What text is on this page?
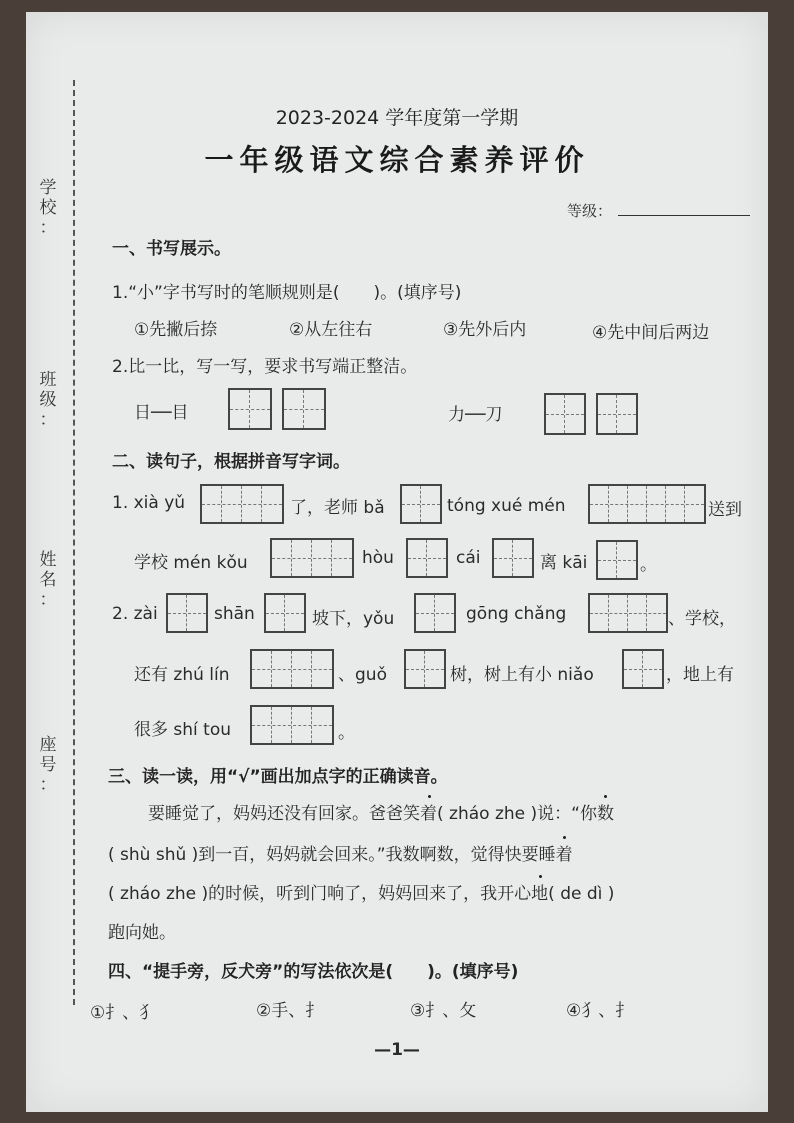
学
校
：
班
级
：
姓
名
：
座
号
：
2023-2024 学年度第一学期
一年级语文综合素养评价
等级：
一、书写展示。
1.“小”字书写时的笔顺规则是(　　)。(填序号)
①先撇后捺	②从左往右	③先外后内	④先中间后两边
2.比一比，写一写，要求书写端正整洁。
日──目	力──刀
二、读句子，根据拼音写字词。
1. xià yǔ	了，老师 bǎ	tóng xué mén	送到
学校 mén kǒu	hòu	cái	离 kāi	。
2. zài	shān	坡下，yǒu	gōng chǎng	、学校，
还有 zhú lín	、guǒ	树，树上有小 niǎo	，地上有
很多 shí tou	。
三、读一读，用“√”画出加点字的正确读音。
要睡觉了，妈妈还没有回家。爸爸笑着( zháo zhe )说：“你数
( shù shǔ )到一百，妈妈就会回来。”我数啊数，觉得快要睡着
( zháo zhe )的时候，听到门响了，妈妈回来了，我开心地( de dì )
跑向她。
四、“提手旁，反犬旁”的写法依次是(　　)。(填序号)
①扌、犭	②手、扌	③扌、攵	④犭、扌
—1—
